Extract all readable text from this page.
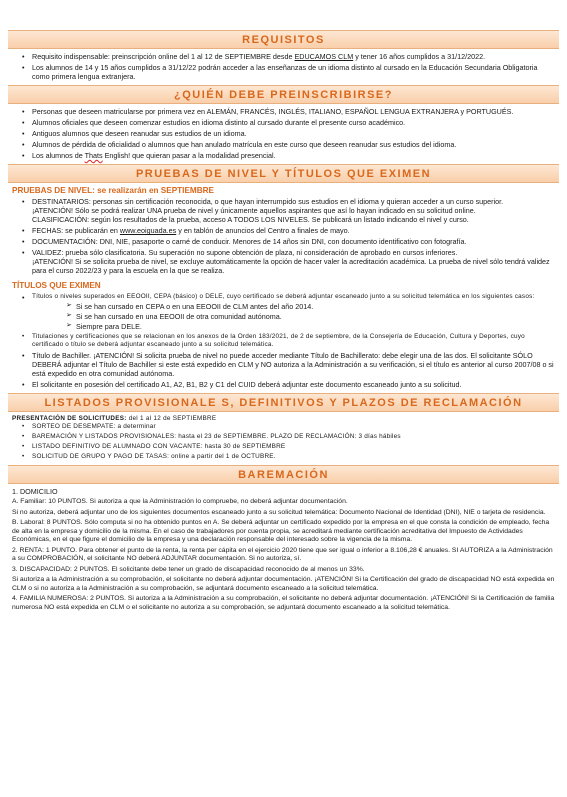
REQUISITOS
• Requisito indispensable: preinscripción online del 1 al 12 de SEPTIEMBRE desde EDUCAMOS CLM y tener 16 años cumplidos a 31/12/2022.
• Los alumnos de 14 y 15 años cumplidos a 31/12/22 podrán acceder a las enseñanzas de un idioma distinto al cursado en la Educación Secundaria Obligatoria como primera lengua extranjera.
¿QUIÉN DEBE PREINSCRIBIRSE?
• Personas que deseen matricularse por primera vez en ALEMÁN, FRANCÉS, INGLÉS, ITALIANO, ESPAÑOL LENGUA EXTRANJERA y PORTUGUÉS.
• Alumnos oficiales que deseen comenzar estudios en idioma distinto al cursado durante el presente curso académico.
• Antiguos alumnos que deseen reanudar sus estudios de un idioma.
• Alumnos de pérdida de oficialidad o alumnos que han anulado matrícula en este curso que deseen reanudar sus estudios del idioma.
• Los alumnos de Thats English! que quieran pasar a la modalidad presencial.
PRUEBAS DE NIVEL Y TÍTULOS QUE EXIMEN
PRUEBAS DE NIVEL: se realizarán en SEPTIEMBRE
• DESTINATARIOS: personas sin certificación reconocida, o que hayan interrumpido sus estudios en el idioma y quieran acceder a un curso superior.
¡ATENCIÓN! Sólo se podrá realizar UNA prueba de nivel y únicamente aquellos aspirantes que así lo hayan indicado en su solicitud online.
CLASIFICACIÓN: según los resultados de la prueba, acceso A TODOS LOS NIVELES. Se publicará un listado indicando el nivel y curso.
• FECHAS: se publicarán en www.eoiguada.es y en tablón de anuncios del Centro a finales de mayo.
• DOCUMENTACIÓN: DNI, NIE, pasaporte o carné de conducir. Menores de 14 años sin DNI, con documento identificativo con fotografía.
• VALIDEZ: prueba sólo clasificatoria. Su superación no supone obtención de plaza, ni consideración de aprobado en cursos inferiores.
¡ATENCIÓN! Si se solicita prueba de nivel, se excluye automáticamente la opción de hacer valer la acreditación académica. La prueba de nivel sólo tendrá validez para el curso 2022/23 y para la escuela en la que se realiza.
TÍTULOS QUE EXIMEN
• Títulos o niveles superados en EEOOII, CEPA (básico) o DELE, cuyo certificado se deberá adjuntar escaneado junto a su solicitud telemática en los siguientes casos:
➢ Si se han cursado en CEPA o en una EEOOII de CLM antes del año 2014.
➢ Si se han cursado en una EEOOII de otra comunidad autónoma.
➢ Siempre para DELE.
• Titulaciones y certificaciones que se relacionan en los anexos de la Orden 183/2021, de 2 de septiembre, de la Consejería de Educación, Cultura y Deportes, cuyo certificado o título se deberá adjuntar escaneado junto a su solicitud telemática.
• Título de Bachiller. ¡ATENCIÓN! Si solicita prueba de nivel no puede acceder mediante Título de Bachillerato: debe elegir una de las dos. El solicitante SÓLO DEBERÁ adjuntar el Título de Bachiller si este está expedido en CLM y NO autoriza a la Administración a su verificación, si el título es anterior al curso 2007/08 o si está expedido en otra comunidad autónoma.
• El solicitante en posesión del certificado A1, A2, B1, B2 y C1 del CUID deberá adjuntar este documento escaneado junto a su solicitud.
LISTADOS PROVISIONALE S, DEFINITIVOS Y PLAZOS DE RECLAMACIÓN
PRESENTACIÓN DE SOLICITUDES: del 1 al 12 de SEPTIEMBRE
• SORTEO DE DESEMPATE: a determinar
• BAREMACIÓN Y LISTADOS PROVISIONALES: hasta el 23 de SEPTIEMBRE. PLAZO DE RECLAMACIÓN: 3 días hábiles
• LISTADO DEFINITIVO DE ALUMNADO CON VACANTE: hasta 30 de SEPTIEMBRE
• SOLICITUD DE GRUPO Y PAGO DE TASAS: online a partir del 1 de OCTUBRE.
BAREMACIÓN

1. DOMICILIO

A. Familiar: 10 PUNTOS. Si autoriza a que la Administración lo compruebe, no deberá adjuntar documentación.

Si no autoriza, deberá adjuntar uno de los siguientes documentos escaneado junto a su solicitud telemática: Documento Nacional de Identidad (DNI), NIE o tarjeta de residencia.

B. Laboral: 8 PUNTOS. Sólo computa si no ha obtenido puntos en A. Se deberá adjuntar un certificado expedido por la empresa en el que consta la condición de empleado, fecha de alta en la empresa y domicilio de la misma. En el caso de trabajadores por cuenta propia, se acreditará mediante certificación acreditativa del Impuesto de Actividades Económicas, en el que figure el domicilio de la empresa y una declaración responsable del interesado sobre la vigencia de la misma.

2. RENTA: 1 PUNTO. Para obtener el punto de la renta, la renta per cápita en el ejercicio 2020 tiene que ser igual o inferior a 8.106,28 € anuales. SI AUTORIZA a la Administración a su COMPROBACIÓN, el solicitante NO deberá ADJUNTAR documentación. Si no autoriza, sí.

3. DISCAPACIDAD: 2 PUNTOS. El solicitante debe tener un grado de discapacidad reconocido de al menos un 33%.

Si autoriza a la Administración a su comprobación, el solicitante no deberá adjuntar documentación. ¡ATENCIÓN! Si la Certificación del grado de discapacidad NO está expedida en CLM o si no autoriza a la Administración a su comprobación, se adjuntará documento escaneado a la solicitud telemática.

4. FAMILIA NUMEROSA: 2 PUNTOS. Si autoriza a la Administración a su comprobación, el solicitante no deberá adjuntar documentación. ¡ATENCIÓN! Si la Certificación de familia numerosa NO está expedida en CLM o el solicitante no autoriza a su comprobación, se adjuntará documento escaneado a la solicitud telemática.
